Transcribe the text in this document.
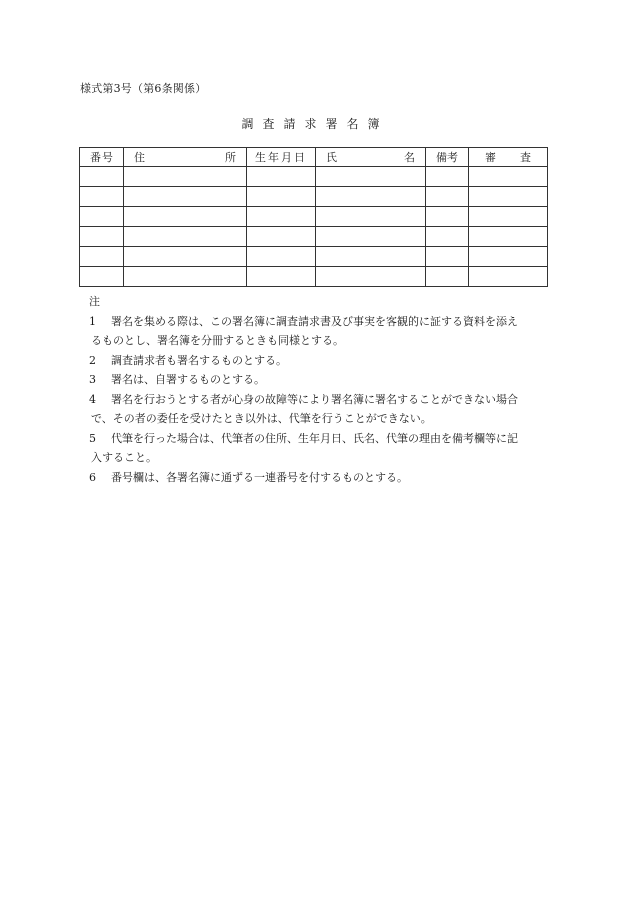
様式第3号（第6条関係）
調査請求署名簿
番 号	住 所	生年月日	氏 名	備 考	審 査

注
1	署名を集める際は、この署名簿に調査請求書及び事実を客観的に証する資料を添え
るものとし、署名簿を分冊するときも同様とする。
2	調査請求者も署名するものとする。
3	署名は、自署するものとする。
4	署名を行おうとする者が心身の故障等により署名簿に署名することができない場合
で、その者の委任を受けたとき以外は、代筆を行うことができない。
5	代筆を行った場合は、代筆者の住所、生年月日、氏名、代筆の理由を備考欄等に記
入すること。
6	番号欄は、各署名簿に通ずる一連番号を付するものとする。
